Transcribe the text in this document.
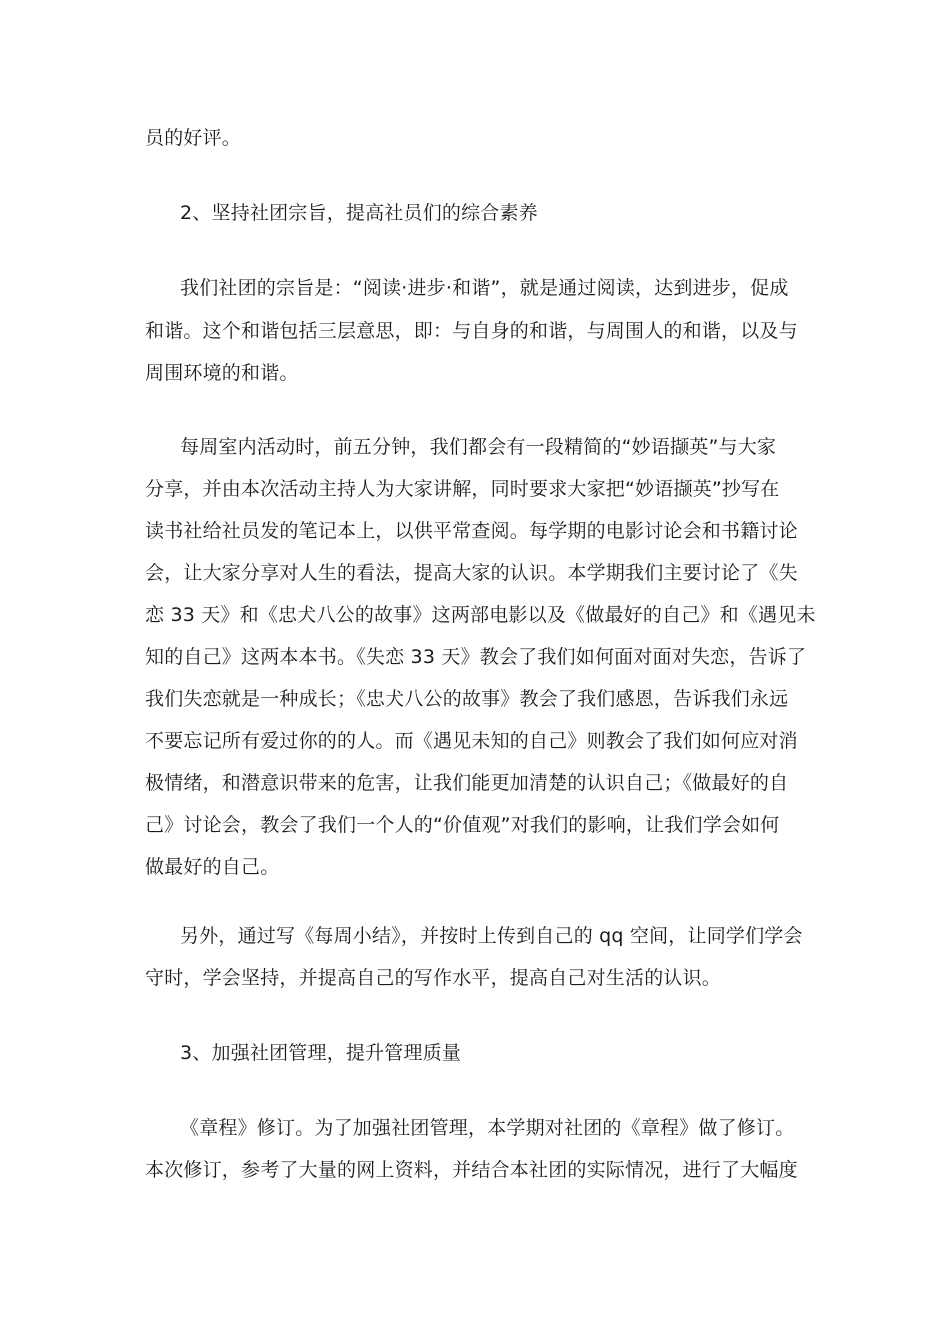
员的好评。
2、坚持社团宗旨，提高社员们的综合素养
我们社团的宗旨是：“阅读·进步·和谐”，就是通过阅读，达到进步，促成
和谐。这个和谐包括三层意思，即：与自身的和谐，与周围人的和谐，以及与
周围环境的和谐。
每周室内活动时，前五分钟，我们都会有一段精简的“妙语撷英”与大家
分享，并由本次活动主持人为大家讲解，同时要求大家把“妙语撷英”抄写在
读书社给社员发的笔记本上，以供平常查阅。每学期的电影讨论会和书籍讨论
会，让大家分享对人生的看法，提高大家的认识。本学期我们主要讨论了《失
恋 33 天》和《忠犬八公的故事》这两部电影以及《做最好的自己》和《遇见未
知的自己》这两本本书。《失恋 33 天》教会了我们如何面对面对失恋，告诉了
我们失恋就是一种成长；《忠犬八公的故事》教会了我们感恩，告诉我们永远
不要忘记所有爱过你的的人。而《遇见未知的自己》则教会了我们如何应对消
极情绪，和潜意识带来的危害，让我们能更加清楚的认识自己；《做最好的自
己》讨论会，教会了我们一个人的“价值观”对我们的影响，让我们学会如何
做最好的自己。
另外，通过写《每周小结》，并按时上传到自己的 qq 空间，让同学们学会
守时，学会坚持，并提高自己的写作水平，提高自己对生活的认识。
3、加强社团管理，提升管理质量
《章程》修订。为了加强社团管理，本学期对社团的《章程》做了修订。
本次修订，参考了大量的网上资料，并结合本社团的实际情况，进行了大幅度
